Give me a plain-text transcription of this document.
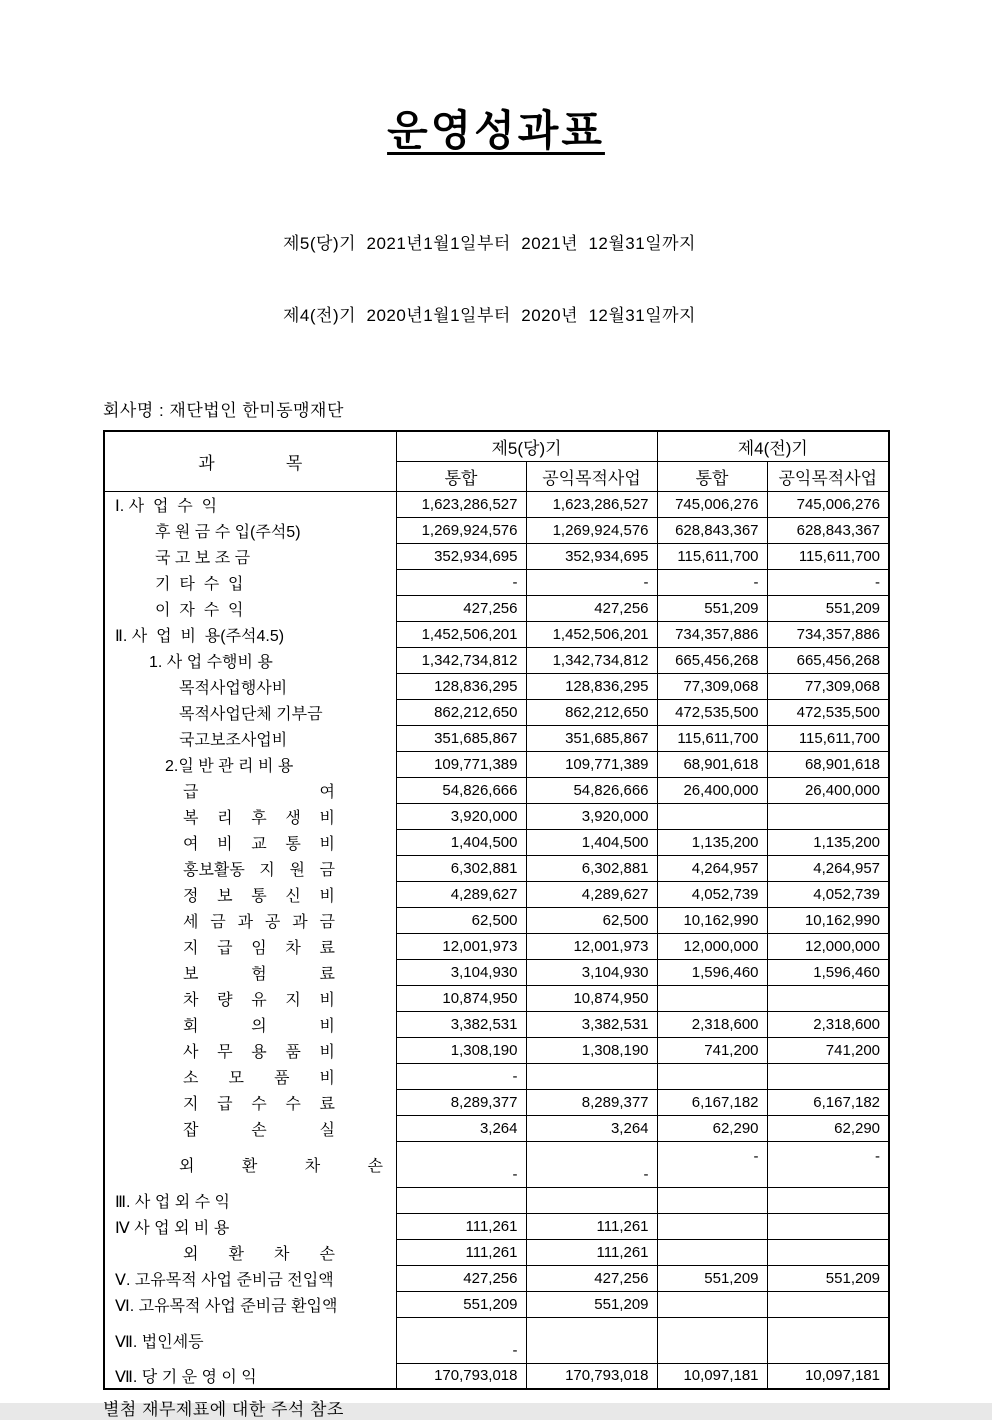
운영성과표

제5(당)기  2021년1월1일부터  2021년  12월31일까지

제4(전)기  2020년1월1일부터  2020년  12월31일까지

회사명 : 재단법인 한미동맹재단
과 목	제5(당)기		제4(전)기	
	통합	공익목적사업	통합	공익목적사업
Ⅰ. 사  업  수  익	1,623,286,527	1,623,286,527	745,006,276	745,006,276
후 원 금 수 입(주석5)	1,269,924,576	1,269,924,576	628,843,367	628,843,367
국 고 보 조 금	352,934,695	352,934,695	115,611,700	115,611,700
기  타  수  입	-	-	-	-
이  자  수  익	427,256	427,256	551,209	551,209
Ⅱ. 사  업  비  용(주석4.5)	1,452,506,201	1,452,506,201	734,357,886	734,357,886
1. 사 업 수행비 용	1,342,734,812	1,342,734,812	665,456,268	665,456,268
목적사업행사비	128,836,295	128,836,295	77,309,068	77,309,068
목적사업단체 기부금	862,212,650	862,212,650	472,535,500	472,535,500
국고보조사업비	351,685,867	351,685,867	115,611,700	115,611,700
2.일 반 관 리 비 용	109,771,389	109,771,389	68,901,618	68,901,618
급 여	54,826,666	54,826,666	26,400,000	26,400,000
복 리 후 생 비	3,920,000	3,920,000		
여 비 교 통 비	1,404,500	1,404,500	1,135,200	1,135,200
홍보활동 지 원 금	6,302,881	6,302,881	4,264,957	4,264,957
정 보 통 신 비	4,289,627	4,289,627	4,052,739	4,052,739
세 금 과 공 과 금	62,500	62,500	10,162,990	10,162,990
지 급 임 차 료	12,001,973	12,001,973	12,000,000	12,000,000
보 험 료	3,104,930	3,104,930	1,596,460	1,596,460
차 량 유 지 비	10,874,950	10,874,950		
회 의 비	3,382,531	3,382,531	2,318,600	2,318,600
사 무 용 품 비	1,308,190	1,308,190	741,200	741,200
소 모 품 비	-			
지 급 수 수 료	8,289,377	8,289,377	6,167,182	6,167,182
잡 손 실	3,264	3,264	62,290	62,290
외 환 차 손	-	-	-	-
Ⅲ. 사 업 외 수 익				
Ⅳ 사 업 외 비 용	111,261	111,261		
외 환 차 손	111,261	111,261		
Ⅴ. 고유목적 사업 준비금 전입액	427,256	427,256	551,209	551,209
Ⅵ. 고유목적 사업 준비금 환입액	551,209	551,209		
Ⅶ. 법인세등	-			
Ⅶ. 당 기 운 영 이 익	170,793,018	170,793,018	10,097,181	10,097,181
별첨 재무제표에 대한 주석 참조
